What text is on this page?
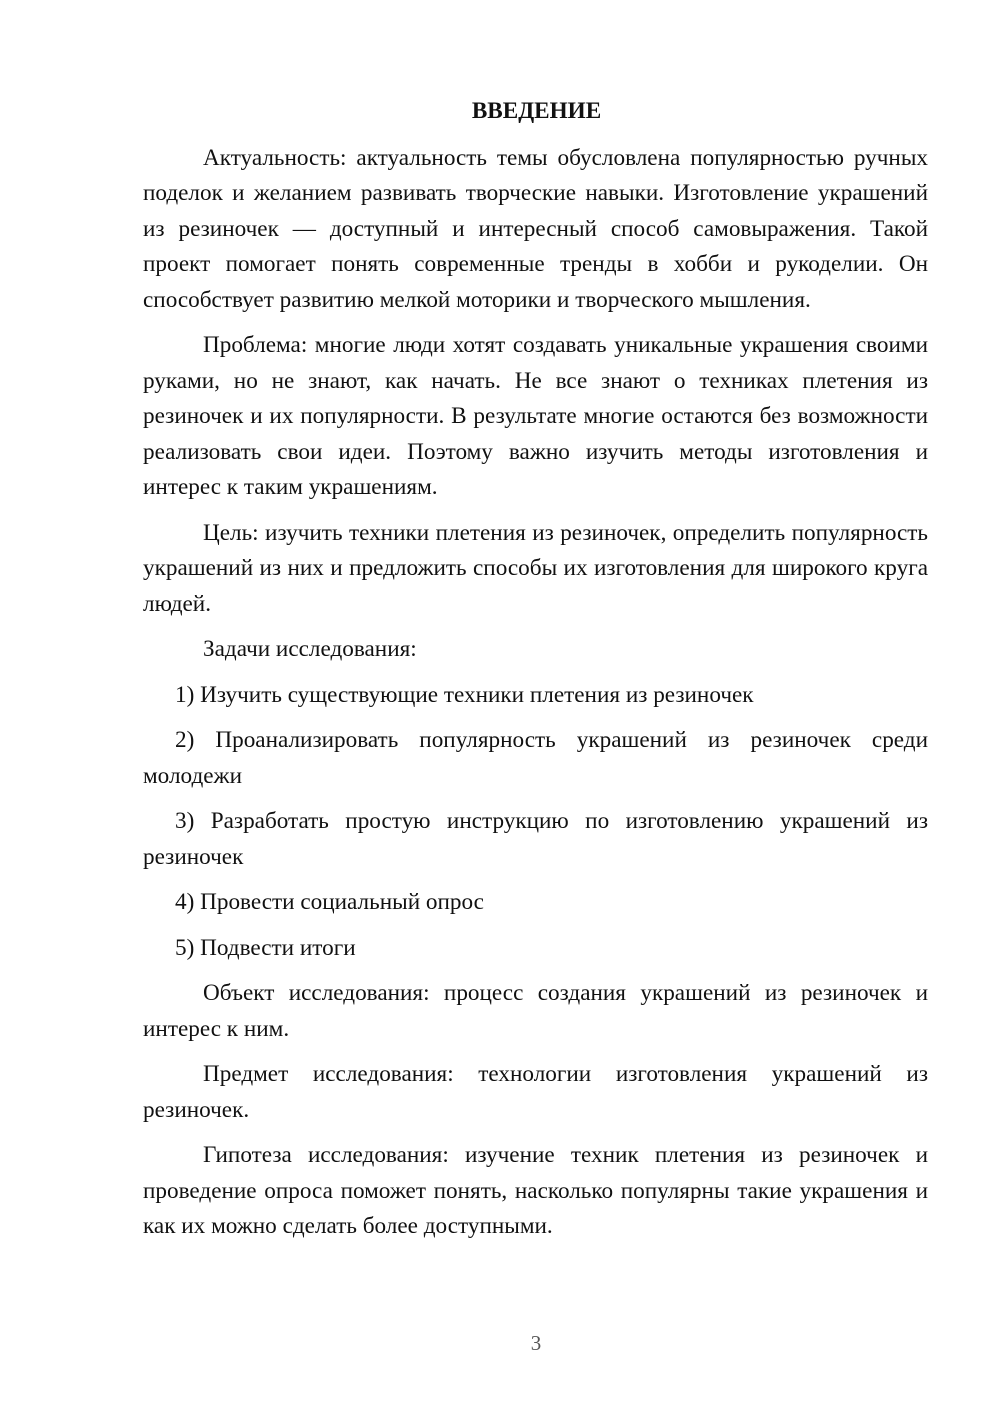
ВВЕДЕНИЕ

Актуальность: актуальность темы обусловлена популярностью ручных поделок и желанием развивать творческие навыки. Изготовление украшений из резиночек — доступный и интересный способ самовыражения. Такой проект помогает понять современные тренды в хобби и рукоделии. Он способствует развитию мелкой моторики и творческого мышления.

Проблема: многие люди хотят создавать уникальные украшения своими руками, но не знают, как начать. Не все знают о техниках плетения из резиночек и их популярности. В результате многие остаются без возможности реализовать свои идеи. Поэтому важно изучить методы изготовления и интерес к таким украшениям.

Цель: изучить техники плетения из резиночек, определить популярность украшений из них и предложить способы их изготовления для широкого круга людей.

Задачи исследования:

1) Изучить существующие техники плетения из резиночек

2) Проанализировать популярность украшений из резиночек среди молодежи

3) Разработать простую инструкцию по изготовлению украшений из резиночек

4) Провести социальный опрос

5) Подвести итоги

Объект исследования: процесс создания украшений из резиночек и интерес к ним.

Предмет исследования: технологии изготовления украшений из резиночек.

Гипотеза исследования: изучение техник плетения из резиночек и проведение опроса поможет понять, насколько популярны такие украшения и как их можно сделать более доступными.

3
